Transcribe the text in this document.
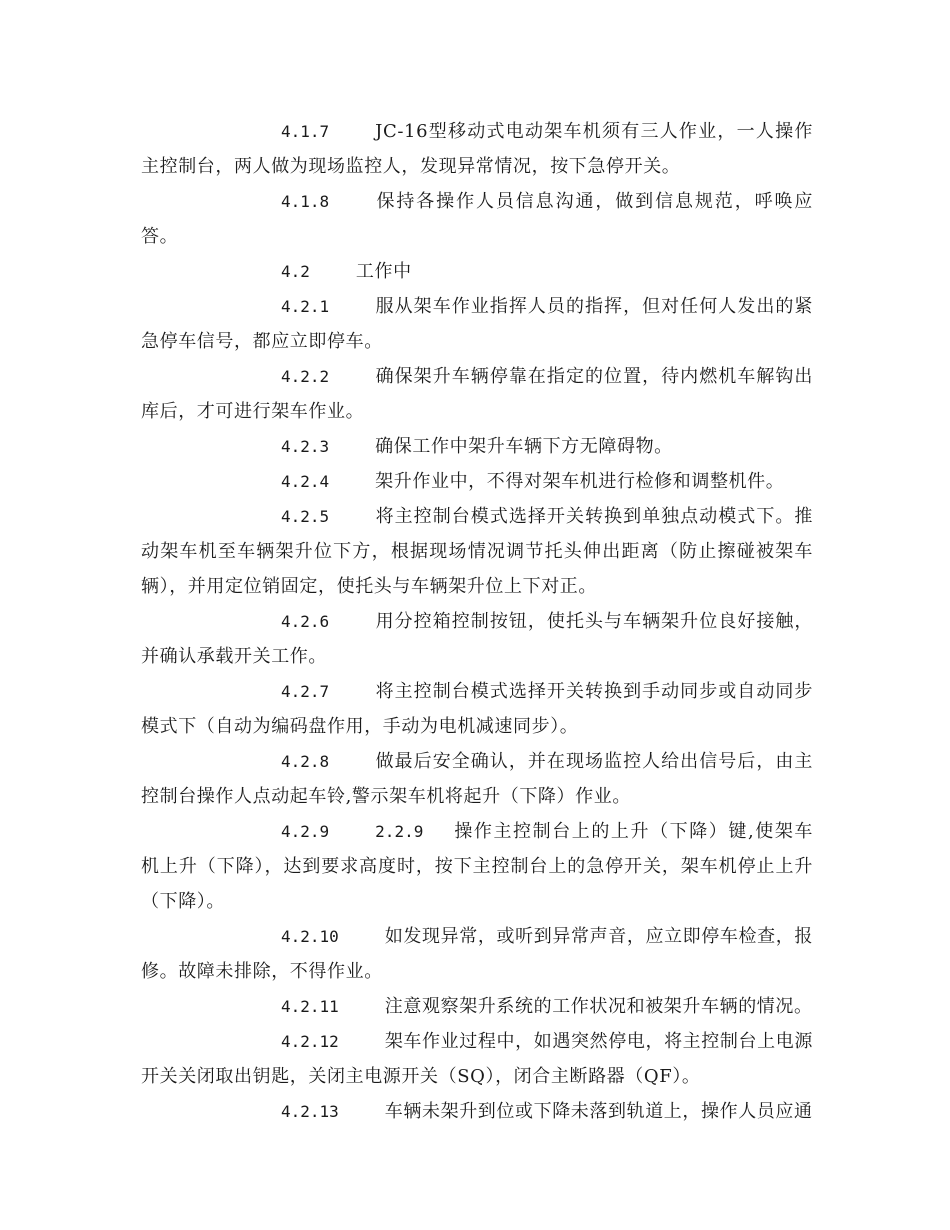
4.1.7	JC-16型移动式电动架车机须有三人作业，一人操作主控制台，两人做为现场监控人，发现异常情况，按下急停开关。

4.1.8	保持各操作人员信息沟通，做到信息规范，呼唤应答。

4.2	工作中

4.2.1	服从架车作业指挥人员的指挥，但对任何人发出的紧急停车信号，都应立即停车。

4.2.2	确保架升车辆停靠在指定的位置，待内燃机车解钩出库后，才可进行架车作业。

4.2.3	确保工作中架升车辆下方无障碍物。

4.2.4	架升作业中，不得对架车机进行检修和调整机件。

4.2.5	将主控制台模式选择开关转换到单独点动模式下。推动架车机至车辆架升位下方，根据现场情况调节托头伸出距离（防止擦碰被架车辆），并用定位销固定，使托头与车辆架升位上下对正。

4.2.6	用分控箱控制按钮，使托头与车辆架升位良好接触，并确认承载开关工作。

4.2.7	将主控制台模式选择开关转换到手动同步或自动同步模式下（自动为编码盘作用，手动为电机减速同步）。

4.2.8	做最后安全确认，并在现场监控人给出信号后，由主控制台操作人点动起车铃,警示架车机将起升（下降）作业。

4.2.9	2.2.9 操作主控制台上的上升（下降）键,使架车机上升（下降），达到要求高度时，按下主控制台上的急停开关，架车机停止上升（下降）。

4.2.10	如发现异常，或听到异常声音，应立即停车检查，报修。故障未排除，不得作业。

4.2.11	注意观察架升系统的工作状况和被架升车辆的情况。

4.2.12	架车作业过程中，如遇突然停电，将主控制台上电源开关关闭取出钥匙，关闭主电源开关（SQ），闭合主断路器（QF）。

4.2.13	车辆未架升到位或下降未落到轨道上，操作人员应通
